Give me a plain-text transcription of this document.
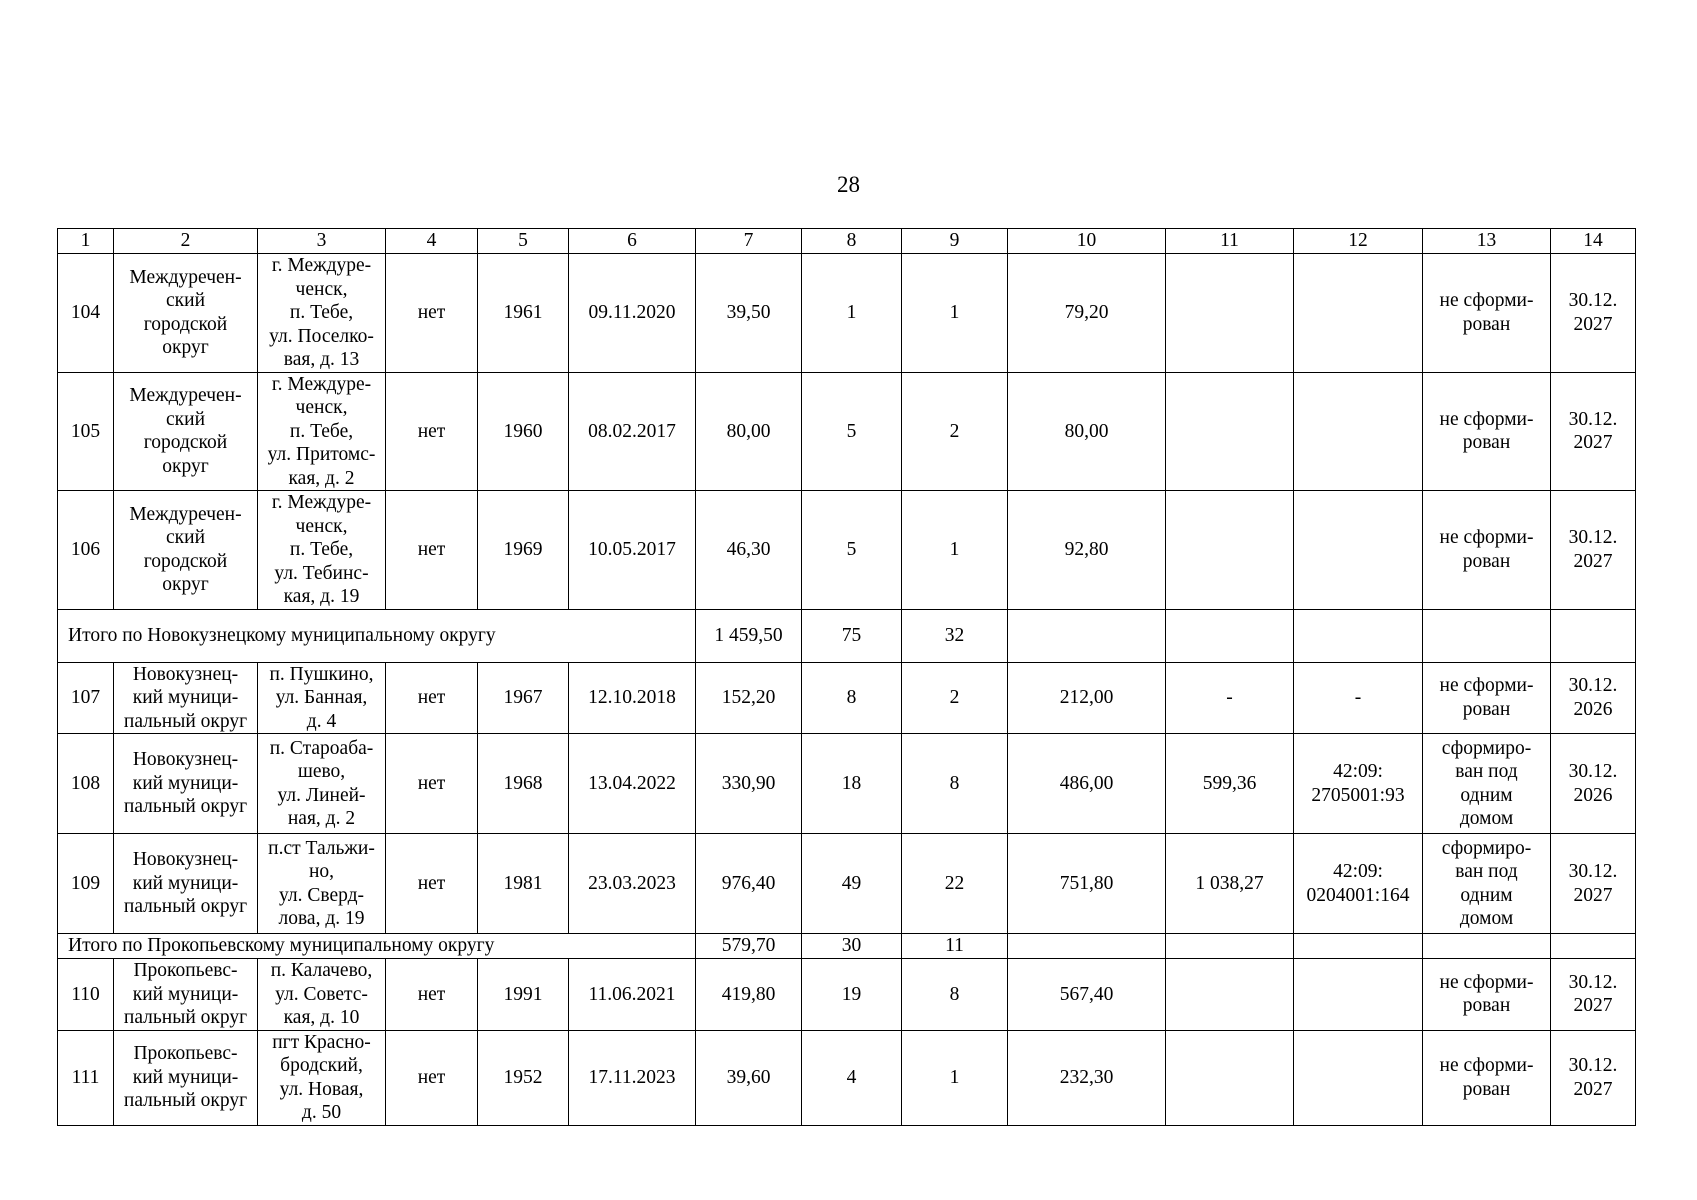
28
1	2	3	4	5	6	7	8	9	10	11	12	13	14
104	Междуречен-
ский
городской
округ	г. Междуре-
ченск,
п. Тебе,
ул. Поселко-
вая, д. 13	нет	1961	09.11.2020	39,50	1	1	79,20			не сформи-
рован	30.12.
2027
105	Междуречен-
ский
городской
округ	г. Междуре-
ченск,
п. Тебе,
ул. Притомс-
кая, д. 2	нет	1960	08.02.2017	80,00	5	2	80,00			не сформи-
рован	30.12.
2027
106	Междуречен-
ский
городской
округ	г. Междуре-
ченск,
п. Тебе,
ул. Тебинс-
кая, д. 19	нет	1969	10.05.2017	46,30	5	1	92,80			не сформи-
рован	30.12.
2027
Итого по Новокузнецкому муниципальному округу						1 459,50	75	32					
107	Новокузнец-
кий муници-
пальный округ	п. Пушкино,
ул. Банная,
д. 4	нет	1967	12.10.2018	152,20	8	2	212,00	-	-	не сформи-
рован	30.12.
2026
108	Новокузнец-
кий муници-
пальный округ	п. Староаба-
шево,
ул. Линей-
ная, д. 2	нет	1968	13.04.2022	330,90	18	8	486,00	599,36	42:09:
2705001:93	сформиро-
ван под
одним
домом	30.12.
2026
109	Новокузнец-
кий муници-
пальный округ	п.ст Тальжи-
но,
ул. Сверд-
лова, д. 19	нет	1981	23.03.2023	976,40	49	22	751,80	1 038,27	42:09:
0204001:164	сформиро-
ван под
одним
домом	30.12.
2027
Итого по Прокопьевскому муниципальному округу						579,70	30	11					
110	Прокопьевс-
кий муници-
пальный округ	п. Калачево,
ул. Советс-
кая, д. 10	нет	1991	11.06.2021	419,80	19	8	567,40			не сформи-
рован	30.12.
2027
111	Прокопьевс-
кий муници-
пальный округ	пгт Красно-
бродский,
ул. Новая,
д. 50	нет	1952	17.11.2023	39,60	4	1	232,30			не сформи-
рован	30.12.
2027
